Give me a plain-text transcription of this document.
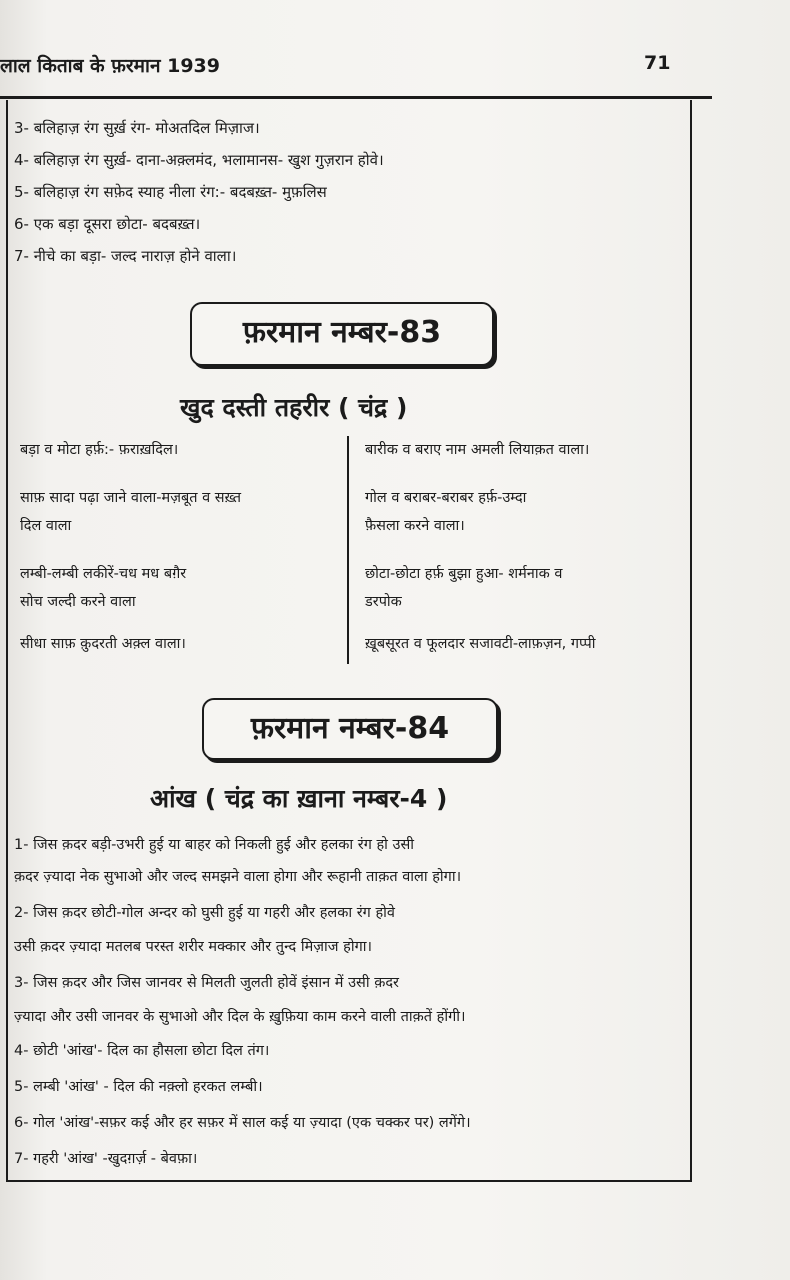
लाल किताब के फ़रमान 1939	71
3- बलिहाज़ रंग सुर्ख़ रंग- मोअतदिल मिज़ाज।
4- बलिहाज़ रंग सुर्ख़- दाना-अक़्लमंद, भलामानस- खुश गुज़रान होवे।
5- बलिहाज़ रंग सफ़ेद स्याह नीला रंग:- बदबख़्त- मुफ़लिस
6- एक बड़ा दूसरा छोटा- बदबख़्त।
7- नीचे का बड़ा- जल्द नाराज़ होने वाला।
फ़रमान नम्बर-83
खुद दस्ती तहरीर ( चंद्र )
बड़ा व मोटा हर्फ़:- फ़राख़दिल।
साफ़ सादा पढ़ा जाने वाला-मज़बूत व सख़्त
दिल वाला
लम्बी-लम्बी लकीरें-चध मध बग़ैर
सोच जल्दी करने वाला
सीधा साफ़ क़ुदरती अक़्ल वाला।
बारीक व बराए नाम अमली लियाक़त वाला।
गोल व बराबर-बराबर हर्फ़-उम्दा
फ़ैसला करने वाला।
छोटा-छोटा हर्फ़ बुझा हुआ- शर्मनाक व
डरपोक
ख़ूबसूरत व फूलदार सजावटी-लाफ़ज़न, गप्पी
फ़रमान नम्बर-84
आंख ( चंद्र का ख़ाना नम्बर-4 )
1- जिस क़दर बड़ी-उभरी हुई या बाहर को निकली हुई और हलका रंग हो उसी
क़दर ज़्यादा नेक सुभाओ और जल्द समझने वाला होगा और रूहानी ताक़त वाला होगा।
2- जिस क़दर छोटी-गोल अन्दर को घुसी हुई या गहरी और हलका रंग होवे
उसी क़दर ज़्यादा मतलब परस्त शरीर मक्कार और तुन्द मिज़ाज होगा।
3- जिस क़दर और जिस जानवर से मिलती जुलती होवें इंसान में उसी क़दर
ज़्यादा और उसी जानवर के सुभाओ और दिल के ख़ुफ़िया काम करने वाली ताक़तें होंगी।
4- छोटी 'आंख'- दिल का हौसला छोटा दिल तंग।
5- लम्बी 'आंख' - दिल की नक़्लो हरकत लम्बी।
6- गोल 'आंख'-सफ़र कई और हर सफ़र में साल कई या ज़्यादा (एक चक्कर पर) लगेंगे।
7- गहरी 'आंख' -खुदग़र्ज़ - बेवफ़ा।
